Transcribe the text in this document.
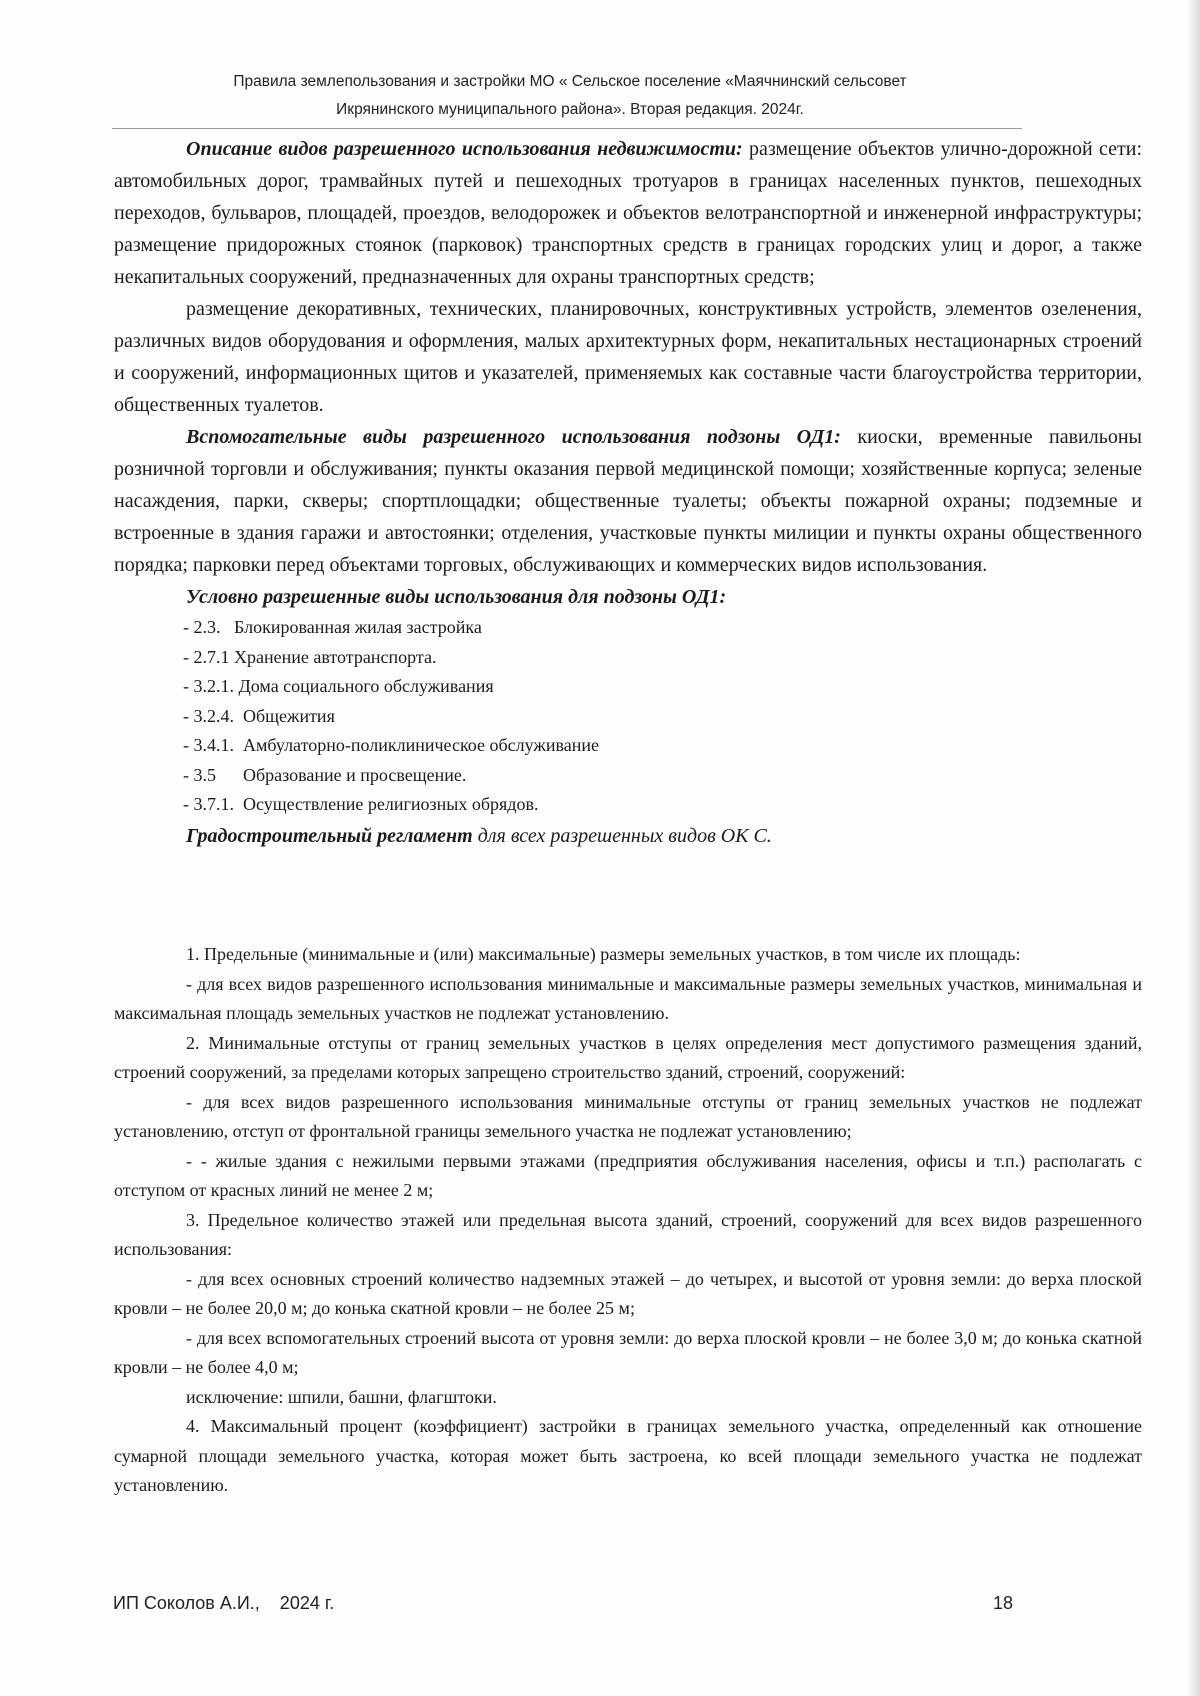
Правила землепользования и застройки МО « Сельское поселение «Маячнинский сельсовет
Икрянинского муниципального района». Вторая редакция. 2024г.

Описание видов разрешенного использования недвижимости: размещение объектов улично-дорожной сети: автомобильных дорог, трамвайных путей и пешеходных тротуаров в границах населенных пунктов, пешеходных переходов, бульваров, площадей, проездов, велодорожек и объектов велотранспортной и инженерной инфраструктуры; размещение придорожных стоянок (парковок) транспортных средств в границах городских улиц и дорог, а также некапитальных сооружений, предназначенных для охраны транспортных средств;

размещение декоративных, технических, планировочных, конструктивных устройств, элементов озеленения, различных видов оборудования и оформления, малых архитектурных форм, некапитальных нестационарных строений и сооружений, информационных щитов и указателей, применяемых как составные части благоустройства территории, общественных туалетов.

Вспомогательные виды разрешенного использования подзоны ОД1: киоски, временные павильоны розничной торговли и обслуживания; пункты оказания первой медицинской помощи; хозяйственные корпуса; зеленые насаждения, парки, скверы; спортплощадки; общественные туалеты; объекты пожарной охраны; подземные и встроенные в здания гаражи и автостоянки; отделения, участковые пункты милиции и пункты охраны общественного порядка; парковки перед объектами торговых, обслуживающих и коммерческих видов использования.

Условно разрешенные виды использования для подзоны ОД1:

- 2.3.   Блокированная жилая застройка
- 2.7.1 Хранение автотранспорта.
- 3.2.1. Дома социального обслуживания
- 3.2.4.  Общежития
- 3.4.1.  Амбулаторно-поликлиническое обслуживание
- 3.5      Образование и просвещение.
- 3.7.1.  Осуществление религиозных обрядов.

Градостроительный регламент для всех разрешенных видов ОК С.

1. Предельные (минимальные и (или) максимальные) размеры земельных участков, в том числе их площадь:

- для всех видов разрешенного использования минимальные и максимальные размеры земельных участков, минимальная и максимальная площадь земельных участков не подлежат установлению.

2. Минимальные отступы от границ земельных участков в целях определения мест допустимого размещения зданий, строений сооружений, за пределами которых запрещено строительство зданий, строений, сооружений:

- для всех видов разрешенного использования минимальные отступы от границ земельных участков не подлежат установлению, отступ от фронтальной границы земельного участка не подлежат установлению;

- - жилые здания с нежилыми первыми этажами (предприятия обслуживания населения, офисы и т.п.) располагать с отступом от красных линий не менее 2 м;

3. Предельное количество этажей или предельная высота зданий, строений, сооружений для всех видов разрешенного использования:

- для всех основных строений количество надземных этажей – до четырех, и высотой от уровня земли: до верха плоской кровли – не более 20,0 м; до конька скатной кровли – не более 25 м;

- для всех вспомогательных строений высота от уровня земли: до верха плоской кровли – не более 3,0 м; до конька скатной кровли – не более 4,0 м;

исключение: шпили, башни, флагштоки.

4. Максимальный процент (коэффициент) застройки в границах земельного участка, определенный как отношение сумарной площади земельного участка, которая может быть застроена, ко всей площади земельного участка не подлежат установлению.

ИП Соколов А.И.,    2024 г.	18
